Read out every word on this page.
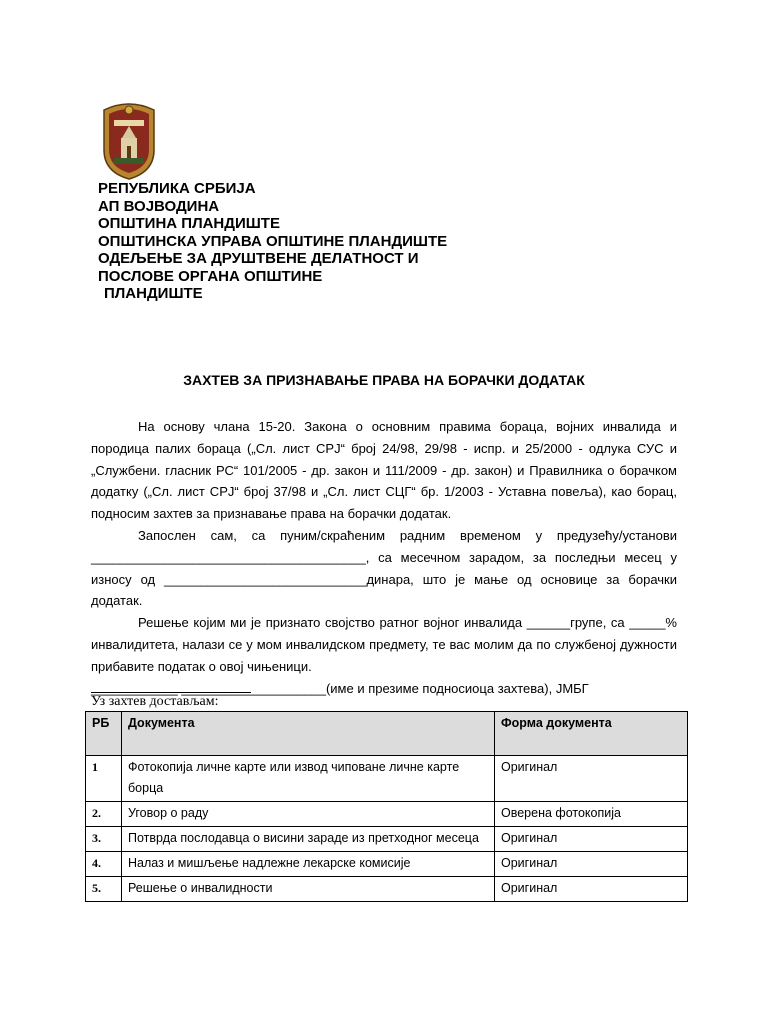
РЕПУБЛИКА СРБИЈА
АП ВОЈВОДИНА
ОПШТИНА ПЛАНДИШТЕ
ОПШТИНСКА УПРАВА ОПШТИНЕ ПЛАНДИШТЕ
ОДЕЉЕЊЕ ЗА ДРУШТВЕНЕ ДЕЛАТНОСТ И
ПОСЛОВЕ ОРГАНА ОПШТИНЕ
ПЛАНДИШТЕ
ЗАХТЕВ ЗА ПРИЗНАВАЊЕ ПРАВА НА БОРАЧКИ ДОДАТАК

На основу члана 15-20. Закона о основним правима бораца, војних инвалида и породица палих бораца („Сл. лист СРЈ“ број 24/98, 29/98 - испр. и 25/2000 - одлука СУС и „Службени. гласник РС“ 101/2005 - др. закон и 111/2009 - др. закон) и Правилника о борачком додатку („Сл. лист СРЈ“ број 37/98 и „Сл. лист СЦГ“ бр. 1/2003 - Уставна повеља), као борац, подносим захтев за признавање права на борачки додатак.

Запослен сам, са пуним/скраћеним радним временом у предузећу/установи ______________________________________, са месечном зарадом, за последњи месец у износу од ____________________________динара, што је мање од основице за борачки додатак.

Решење којим ми је признато својство ратног војног инвалида ______групе, са _____% инвалидитета, налази се у мом инвалидском предмету, те вас молим да по службеној дужности прибавите податак о овој чињеници.

____________ ____________________(име и презиме подносиоца захтева), ЈМБГ

Уз захтев достављам:
РБ	Документа	Форма документа
1	Фотокопија личне карте или извод чиповане личне карте борца	Оригинал
2.	Уговор о раду	Оверена фотокопија
3.	Потврда послодавца о висини зараде из претходног месеца	Оригинал
4.	Налаз и мишљење надлежне лекарске комисије	Оригинал
5.	Решење о инвалидности	Оригинал
